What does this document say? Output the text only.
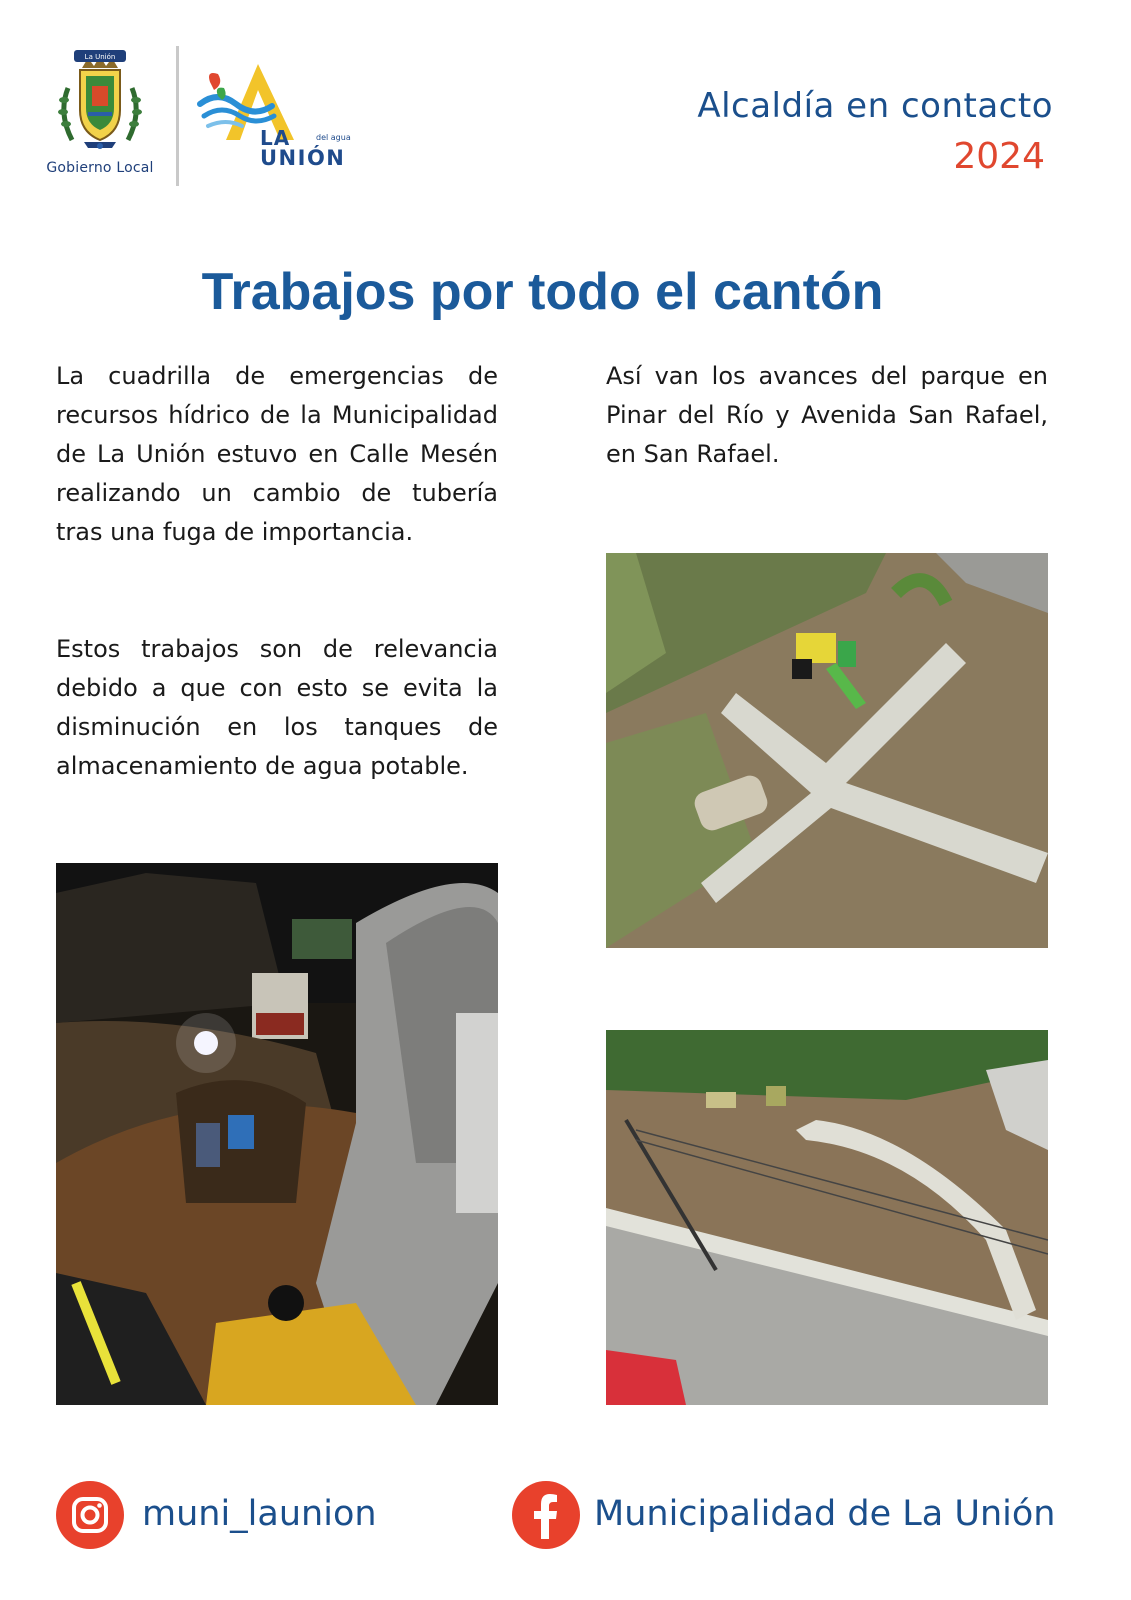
La Unión
Gobierno Local
del agua
LA
UNIÓN
Alcaldía en contacto
2024
Trabajos por todo el cantón

La cuadrilla de emergencias de recursos hídrico de la Municipalidad de La Unión estuvo en Calle Mesén realizando un cambio de tubería tras una fuga de importancia.

Estos trabajos son de relevancia debido a que con esto se evita la disminución en los tanques de almacenamiento de agua potable.

Así van los avances del parque en Pinar del Río y Avenida San Rafael, en San Rafael.

muni_launion	Municipalidad de La Unión
